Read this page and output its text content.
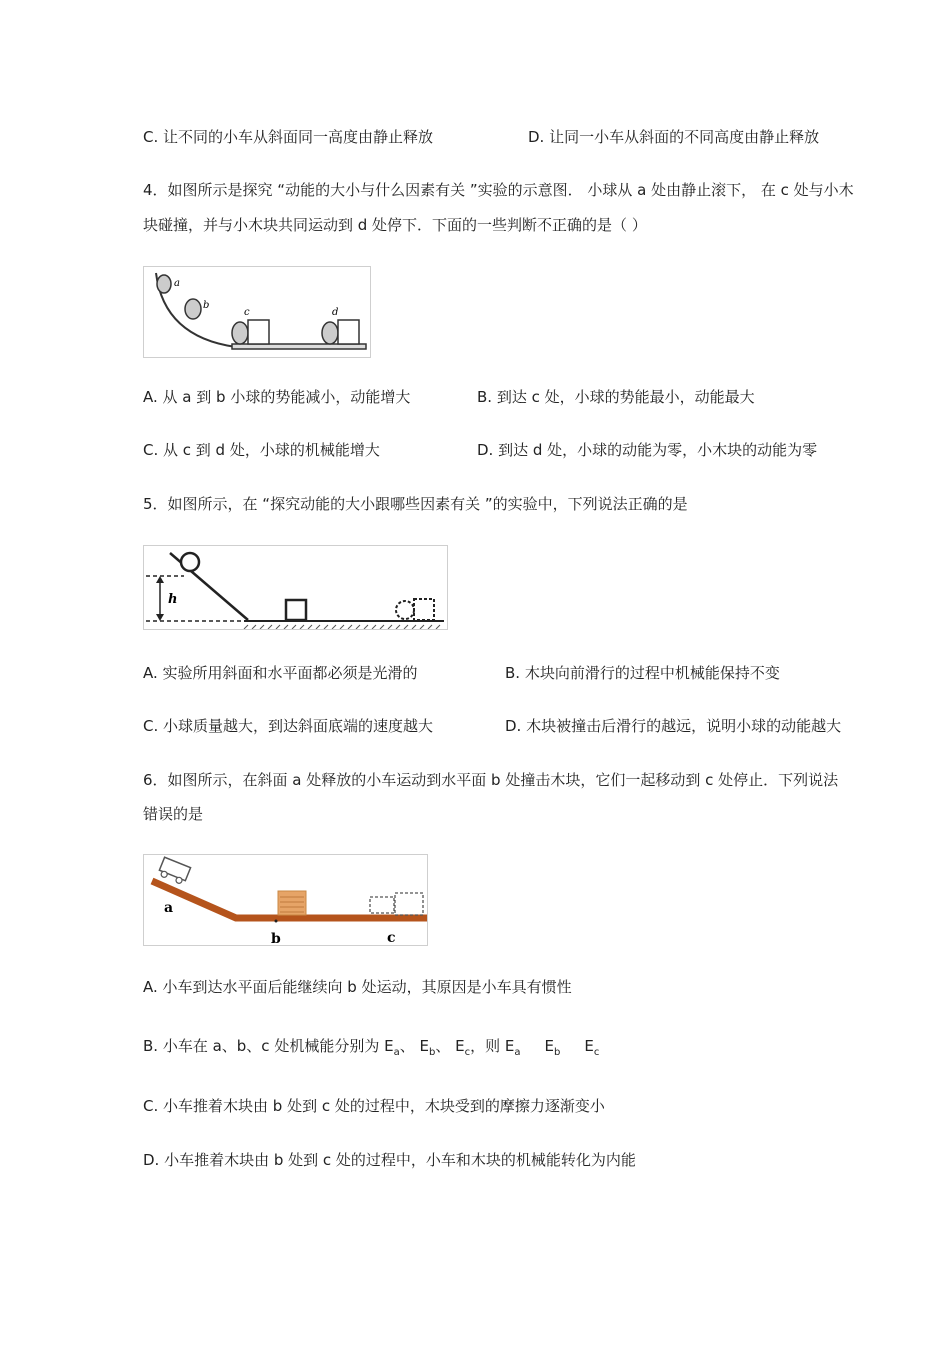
C. 让不同的小车从斜面同一高度由静止释放	D. 让同一小车从斜面的不同高度由静止释放
4．如图所示是探究 “动能的大小与什么因素有关 ”实验的示意图． 小球从 a 处由静止滚下， 在 c 处与小木
块碰撞，并与小木块共同运动到 d 处停下．下面的一些判断不正确的是（ ）
a
b
c	d
A. 从 a 到 b 小球的势能减小，动能增大	B. 到达 c 处，小球的势能最小，动能最大
C. 从 c 到 d 处，小球的机械能增大	D. 到达 d 处，小球的动能为零，小木块的动能为零
5．如图所示，在 “探究动能的大小跟哪些因素有关 ”的实验中，下列说法正确的是
h
A. 实验所用斜面和水平面都必须是光滑的	B. 木块向前滑行的过程中机械能保持不变
C. 小球质量越大，到达斜面底端的速度越大	D. 木块被撞击后滑行的越远，说明小球的动能越大
6．如图所示，在斜面 a 处释放的小车运动到水平面 b 处撞击木块，它们一起移动到 c 处停止．下列说法
错误的是
a
b	c
A. 小车到达水平面后能继续向 b 处运动，其原因是小车具有惯性
B. 小车在 a、b、c 处机械能分别为 $E_a$、 $E_b$、 $E_c$，则 $E_a$ $E_b$ $E_c$
C. 小车推着木块由 b 处到 c 处的过程中，木块受到的摩擦力逐渐变小
D. 小车推着木块由 b 处到 c 处的过程中，小车和木块的机械能转化为内能
